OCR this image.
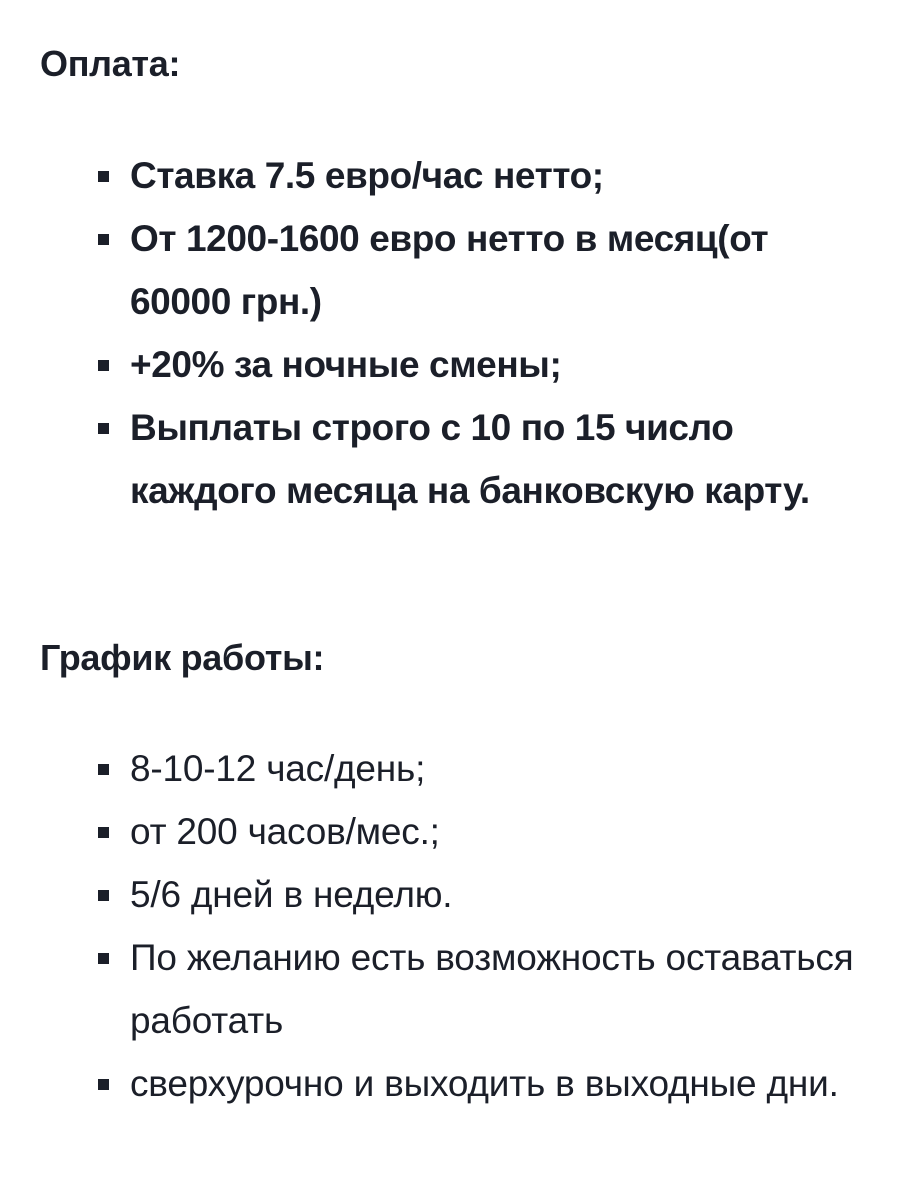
Оплата:
Ставка 7.5 евро/час нетто;
От 1200-1600 евро нетто в месяц(от 60000 грн.)
+20% за ночные смены;
Выплаты строго с 10 по 15 число каждого месяца на банковскую карту.
График работы:
8-10-12 час/день;
от 200 часов/мес.;
5/6 дней в неделю.
По желанию есть возможность оставаться работать
сверхурочно и выходить в выходные дни.
